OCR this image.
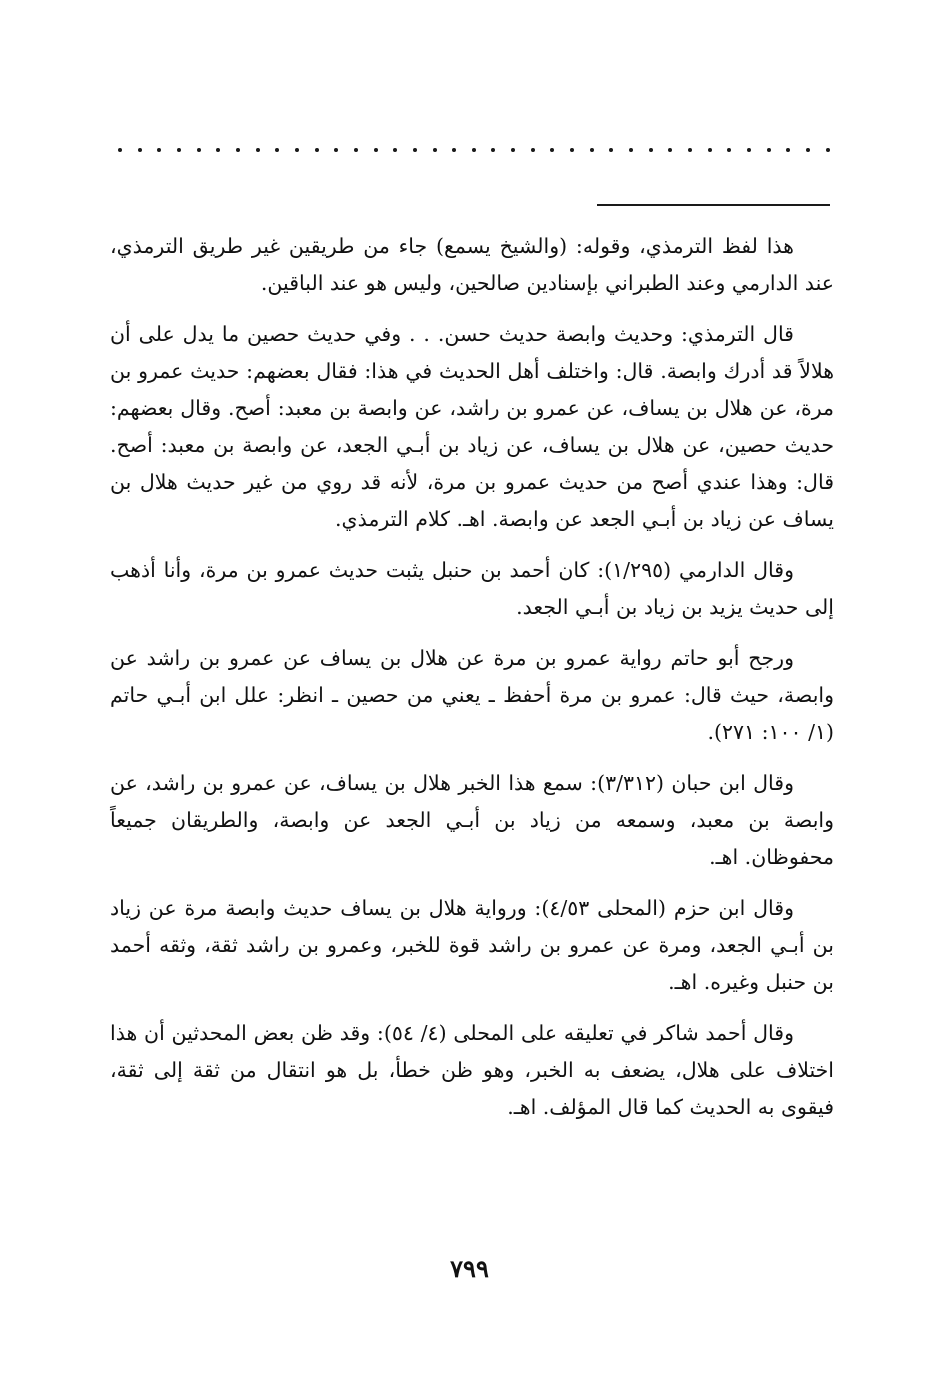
هذا لفظ الترمذي، وقوله: (والشيخ يسمع) جاء من طريقين غير طريق الترمذي، عند الدارمي وعند الطبراني بإسنادين صالحين، وليس هو عند الباقين.

قال الترمذي: وحديث وابصة حديث حسن. . . وفي حديث حصين ما يدل على أن هلالاً قد أدرك وابصة. قال: واختلف أهل الحديث في هذا: فقال بعضهم: حديث عمرو بن مرة، عن هلال بن يساف، عن عمرو بن راشد، عن وابصة بن معبد: أصح. وقال بعضهم: حديث حصين، عن هلال بن يساف، عن زياد بن أبـي الجعد، عن وابصة بن معبد: أصح. قال: وهذا عندي أصح من حديث عمرو بن مرة، لأنه قد روي من غير حديث هلال بن يساف عن زياد بن أبـي الجعد عن وابصة. اهـ. كلام الترمذي.

وقال الدارمي (١/٢٩٥): كان أحمد بن حنبل يثبت حديث عمرو بن مرة، وأنا أذهب إلى حديث يزيد بن زياد بن أبـي الجعد.

ورجح أبو حاتم رواية عمرو بن مرة عن هلال بن يساف عن عمرو بن راشد عن وابصة، حيث قال: عمرو بن مرة أحفظ ـ يعني من حصين ـ انظر: علل ابن أبـي حاتم (١/ ١٠٠: ٢٧١).

وقال ابن حبان (٣/٣١٢): سمع هذا الخبر هلال بن يساف، عن عمرو بن راشد، عن وابصة بن معبد، وسمعه من زياد بن أبـي الجعد عن وابصة، والطريقان جميعاً محفوظان. اهـ.

وقال ابن حزم (المحلى ٤/٥٣): ورواية هلال بن يساف حديث وابصة مرة عن زياد بن أبـي الجعد، ومرة عن عمرو بن راشد قوة للخبر، وعمرو بن راشد ثقة، وثقه أحمد بن حنبل وغيره. اهـ.

وقال أحمد شاكر في تعليقه على المحلى (٤/ ٥٤): وقد ظن بعض المحدثين أن هذا اختلاف على هلال، يضعف به الخبر، وهو ظن خطأ، بل هو انتقال من ثقة إلى ثقة، فيقوى به الحديث كما قال المؤلف. اهـ.

٧٩٩
